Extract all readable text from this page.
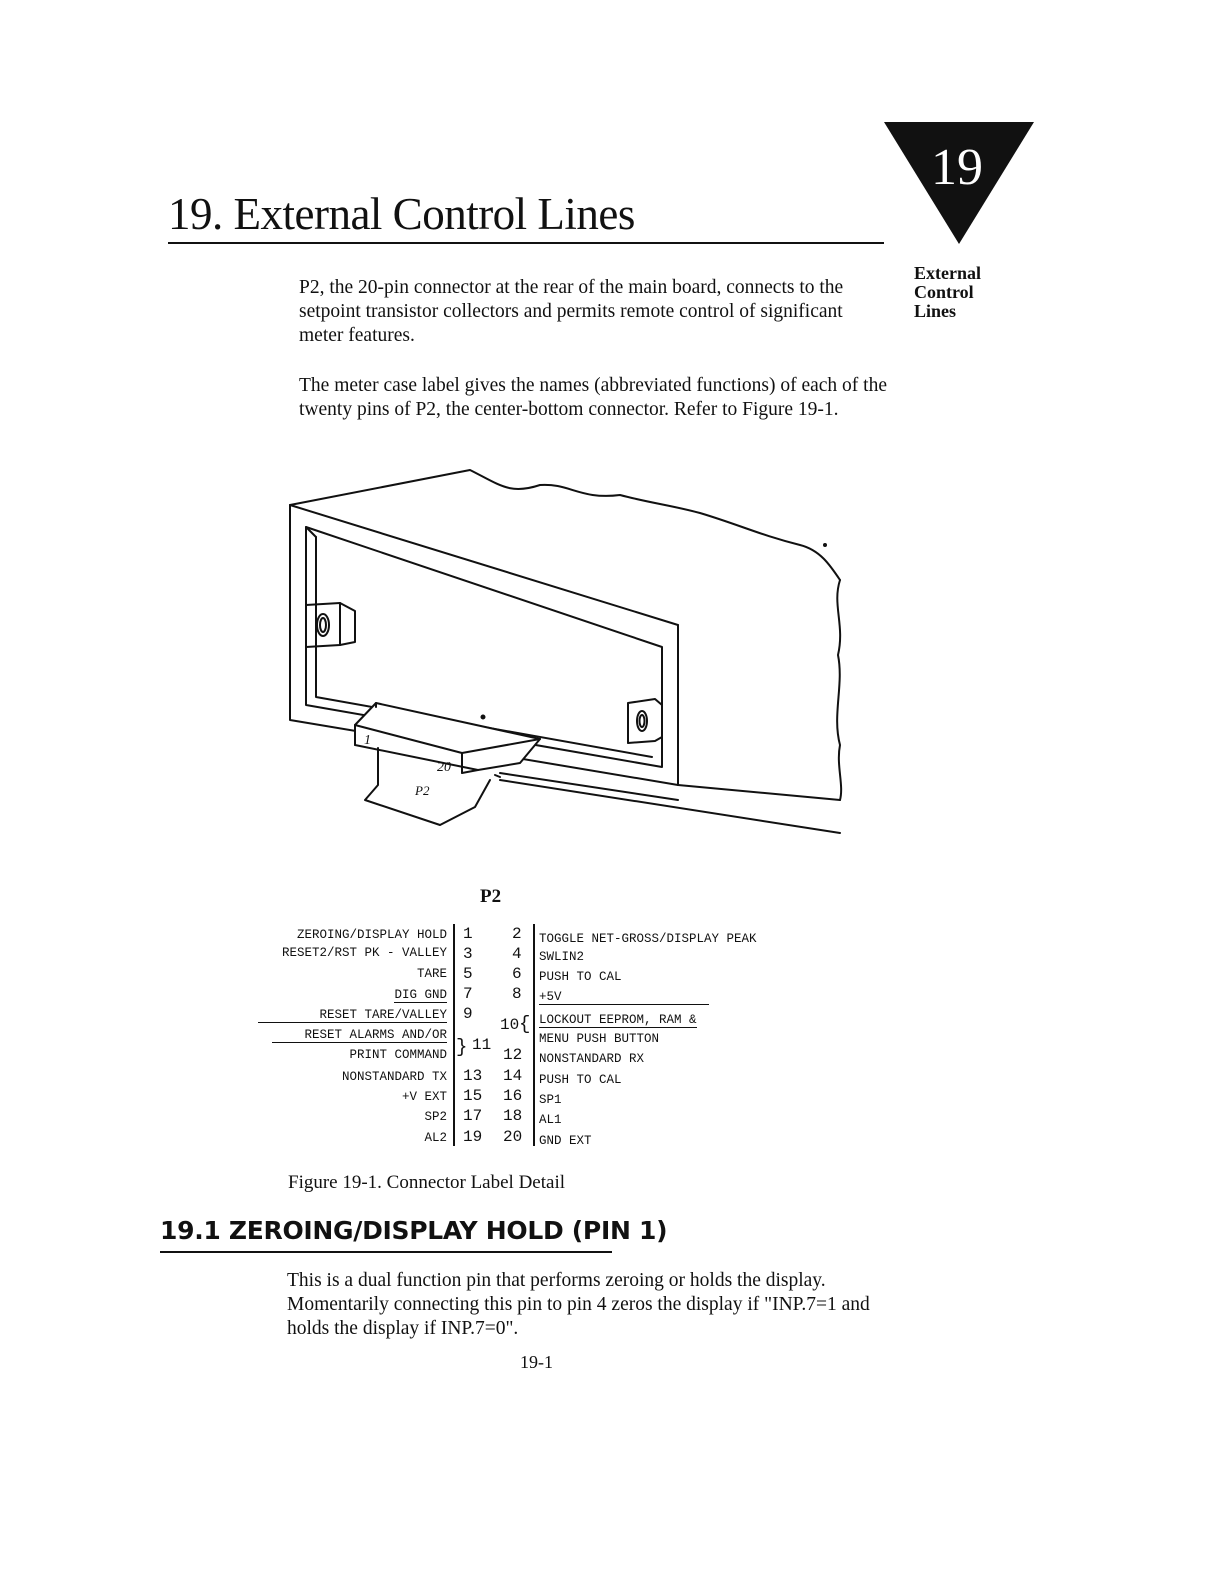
19. External Control Lines
19
External
Control
Lines
P2, the 20-pin connector at the rear of the main board, connects to the setpoint transistor collectors and permits remote control of significant meter features.
The meter case label gives the names (abbreviated functions) of each of the twenty pins of P2, the center-bottom connector. Refer to Figure 19-1.
1
20
P2
P2
ZEROING/DISPLAY HOLD
RESET2/RST PK - VALLEY
TARE
DIG GND
RESET TARE/VALLEY
RESET ALARMS AND/OR
PRINT COMMAND
NONSTANDARD TX
+V EXT
SP2
AL2
1
3
5
7
9
} 11
13
15
17
19
2
4
6
8
10 {
12
14
16
18
20
TOGGLE NET-GROSS/DISPLAY PEAK
SWLIN2
PUSH TO CAL
+5V
LOCKOUT EEPROM, RAM &
MENU PUSH BUTTON
NONSTANDARD RX
PUSH TO CAL
SP1
AL1
GND EXT
Figure 19-1. Connector Label Detail
19.1 ZEROING/DISPLAY HOLD (PIN 1)
This is a dual function pin that performs zeroing or holds the display. Momentarily connecting this pin to pin 4 zeros the display if "INP.7=1 and holds the display if INP.7=0".
19-1
